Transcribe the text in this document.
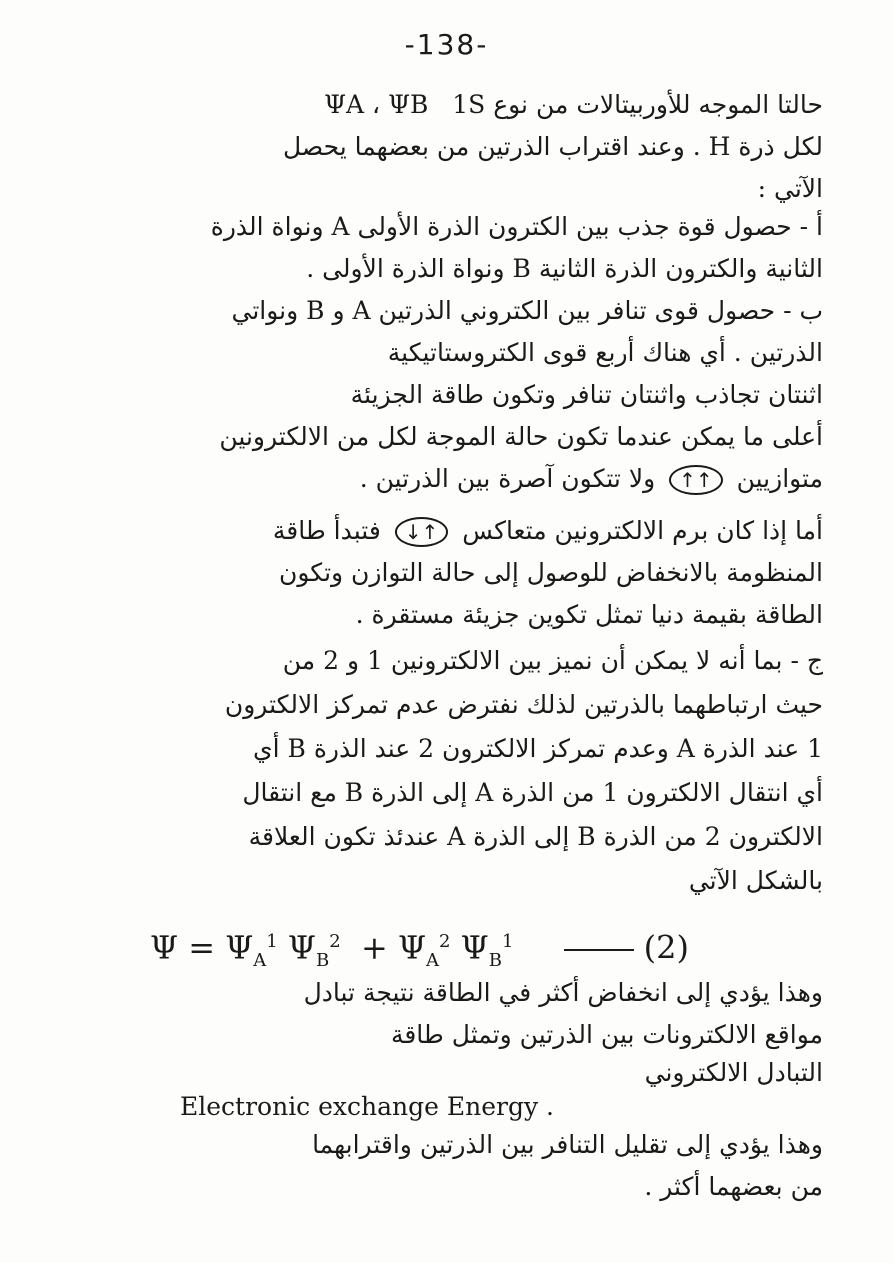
-138-
حالتا الموجه للأوربيتالات من نوع 1S   ΨB ، ΨA
لكل ذرة H . وعند اقتراب الذرتين من بعضهما يحصل
الآتي :
أ - حصول قوة جذب بين الكترون الذرة الأولى A ونواة الذرة
الثانية والكترون الذرة الثانية B ونواة الذرة الأولى .
ب - حصول قوى تنافر بين الكتروني الذرتين A و B ونواتي
الذرتين . أي هناك أربع قوى الكتروستاتيكية
اثنتان تجاذب واثنتان تنافر وتكون طاقة الجزيئة
أعلى ما يمكن عندما تكون حالة الموجة لكل من الالكترونين
متوازيين ↑↑ ولا تتكون آصرة بين الذرتين .
أما إذا كان برم الالكترونين متعاكس ↑↓ فتبدأ طاقة
المنظومة بالانخفاض للوصول إلى حالة التوازن وتكون
الطاقة بقيمة دنيا تمثل تكوين جزيئة مستقرة .
ج - بما أنه لا يمكن أن نميز بين الالكترونين 1 و 2 من
حيث ارتباطهما بالذرتين لذلك نفترض عدم تمركز الالكترون
1 عند الذرة A وعدم تمركز الالكترون 2 عند الذرة B أي
أي انتقال الالكترون 1 من الذرة A إلى الذرة B مع انتقال
الالكترون 2 من الذرة B إلى الذرة A عندئذ تكون العلاقة
بالشكل الآتي
$\Psi = \Psi_A^1$ $\Psi_B^2 + \Psi_A^2$ $\Psi_B^1$	(2)
وهذا يؤدي إلى انخفاض أكثر في الطاقة نتيجة تبادل
مواقع الالكترونات بين الذرتين وتمثل طاقة
التبادل الالكتروني
Electronic exchange Energy .
وهذا يؤدي إلى تقليل التنافر بين الذرتين واقترابهما
من بعضهما أكثر .
